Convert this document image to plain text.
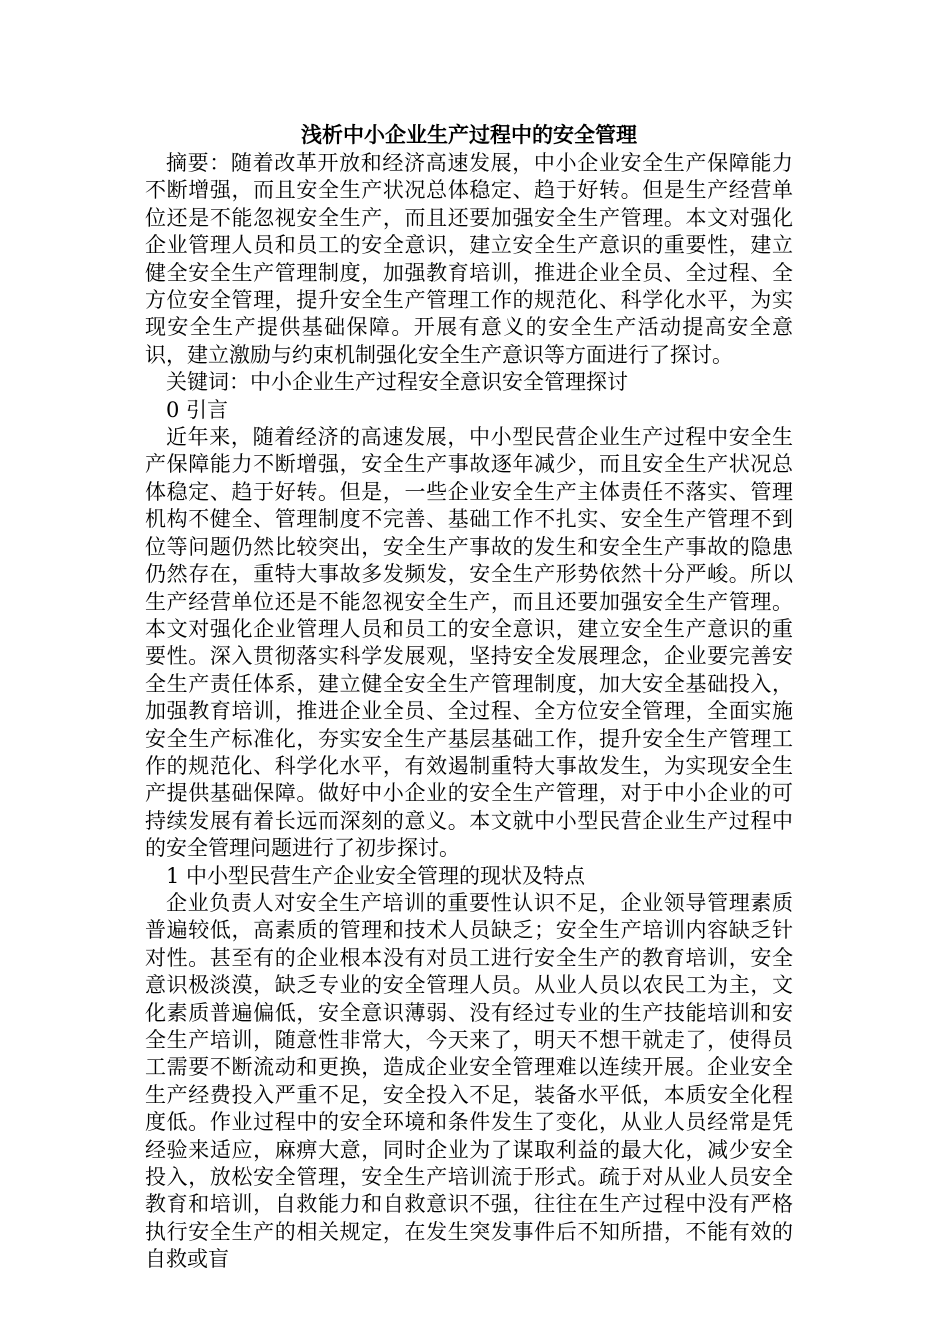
浅析中小企业生产过程中的安全管理

摘要：随着改革开放和经济高速发展，中小企业安全生产保障能力不断增强，而且安全生产状况总体稳定、趋于好转。但是生产经营单位还是不能忽视安全生产，而且还要加强安全生产管理。本文对强化企业管理人员和员工的安全意识，建立安全生产意识的重要性，建立健全安全生产管理制度，加强教育培训，推进企业全员、全过程、全方位安全管理，提升安全生产管理工作的规范化、科学化水平，为实现安全生产提供基础保障。开展有意义的安全生产活动提高安全意识，建立激励与约束机制强化安全生产意识等方面进行了探讨。

关键词：中小企业生产过程安全意识安全管理探讨

0 引言

近年来，随着经济的高速发展，中小型民营企业生产过程中安全生产保障能力不断增强，安全生产事故逐年减少，而且安全生产状况总体稳定、趋于好转。但是，一些企业安全生产主体责任不落实、管理机构不健全、管理制度不完善、基础工作不扎实、安全生产管理不到位等问题仍然比较突出，安全生产事故的发生和安全生产事故的隐患仍然存在，重特大事故多发频发，安全生产形势依然十分严峻。所以生产经营单位还是不能忽视安全生产，而且还要加强安全生产管理。本文对强化企业管理人员和员工的安全意识，建立安全生产意识的重要性。深入贯彻落实科学发展观，坚持安全发展理念，企业要完善安全生产责任体系，建立健全安全生产管理制度，加大安全基础投入，加强教育培训，推进企业全员、全过程、全方位安全管理，全面实施安全生产标准化，夯实安全生产基层基础工作，提升安全生产管理工作的规范化、科学化水平，有效遏制重特大事故发生，为实现安全生产提供基础保障。做好中小企业的安全生产管理，对于中小企业的可持续发展有着长远而深刻的意义。本文就中小型民营企业生产过程中的安全管理问题进行了初步探讨。

1 中小型民营生产企业安全管理的现状及特点

企业负责人对安全生产培训的重要性认识不足，企业领导管理素质普遍较低，高素质的管理和技术人员缺乏；安全生产培训内容缺乏针对性。甚至有的企业根本没有对员工进行安全生产的教育培训，安全意识极淡漠，缺乏专业的安全管理人员。从业人员以农民工为主，文化素质普遍偏低，安全意识薄弱、没有经过专业的生产技能培训和安全生产培训，随意性非常大，今天来了，明天不想干就走了，使得员工需要不断流动和更换，造成企业安全管理难以连续开展。企业安全生产经费投入严重不足，安全投入不足，装备水平低，本质安全化程度低。作业过程中的安全环境和条件发生了变化，从业人员经常是凭经验来适应，麻痹大意，同时企业为了谋取利益的最大化，减少安全投入，放松安全管理，安全生产培训流于形式。疏于对从业人员安全教育和培训，自救能力和自救意识不强，往往在生产过程中没有严格执行安全生产的相关规定，在发生突发事件后不知所措，不能有效的自救或盲
